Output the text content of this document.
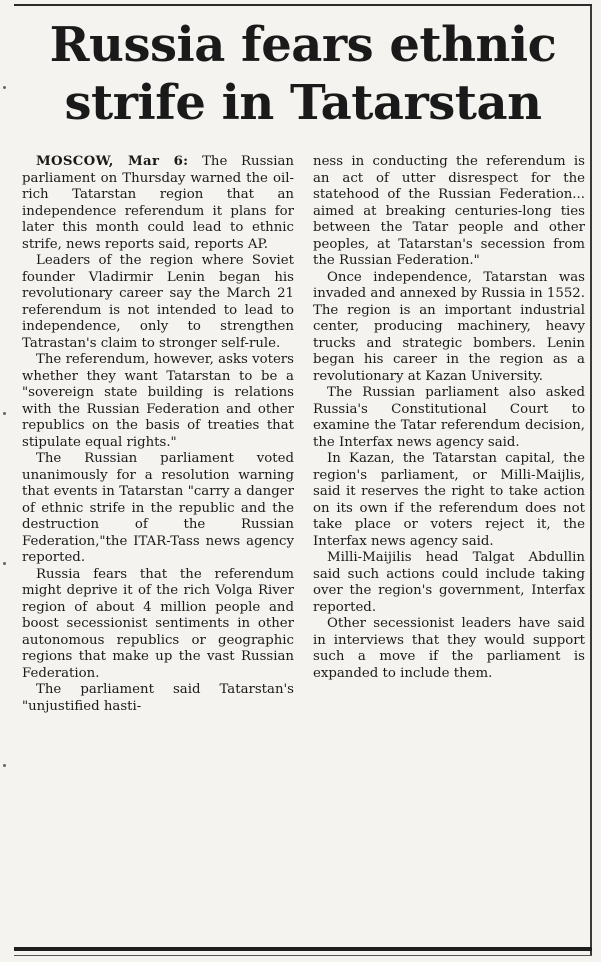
Russia fears ethnic strife in Tatarstan

MOSCOW, Mar 6: The Russian parliament on Thursday warned the oil-rich Tatarstan region that an independence referendum it plans for later this month could lead to ethnic strife, news reports said, reports AP.

Leaders of the region where Soviet founder Vladirmir Lenin began his revolutionary career say the March 21 referendum is not intended to lead to independence, only to strengthen Tatrastan's claim to stronger self-rule.

The referendum, however, asks voters whether they want Tatarstan to be a "sovereign state building is relations with the Russian Federation and other republics on the basis of treaties that stipulate equal rights."

The Russian parliament voted unanimously for a resolution warning that events in Tatarstan "carry a danger of ethnic strife in the republic and the destruction of the Russian Federation,"the ITAR-Tass news agency reported.

Russia fears that the referendum might deprive it of the rich Volga River region of about 4 million people and boost secessionist sentiments in other autonomous republics or geographic regions that make up the vast Russian Federation.

The parliament said Tatarstan's "unjustified hasti-

ness in conducting the referendum is an act of utter disrespect for the statehood of the Russian Federation... aimed at breaking centuries-long ties between the Tatar people and other peoples, at Tatarstan's secession from the Russian Federation."

Once independence, Tatarstan was invaded and annexed by Russia in 1552. The region is an important industrial center, producing machinery, heavy trucks and strategic bombers. Lenin began his career in the region as a revolutionary at Kazan University.

The Russian parliament also asked Russia's Constitutional Court to examine the Tatar referendum decision, the Interfax news agency said.

In Kazan, the Tatarstan capital, the region's parliament, or Milli-Maijlis, said it reserves the right to take action on its own if the referendum does not take place or voters reject it, the Interfax news agency said.

Milli-Maijilis head Talgat Abdullin said such actions could include taking over the region's government, Interfax reported.

Other secessionist leaders have said in interviews that they would support such a move if the parliament is expanded to include them.
